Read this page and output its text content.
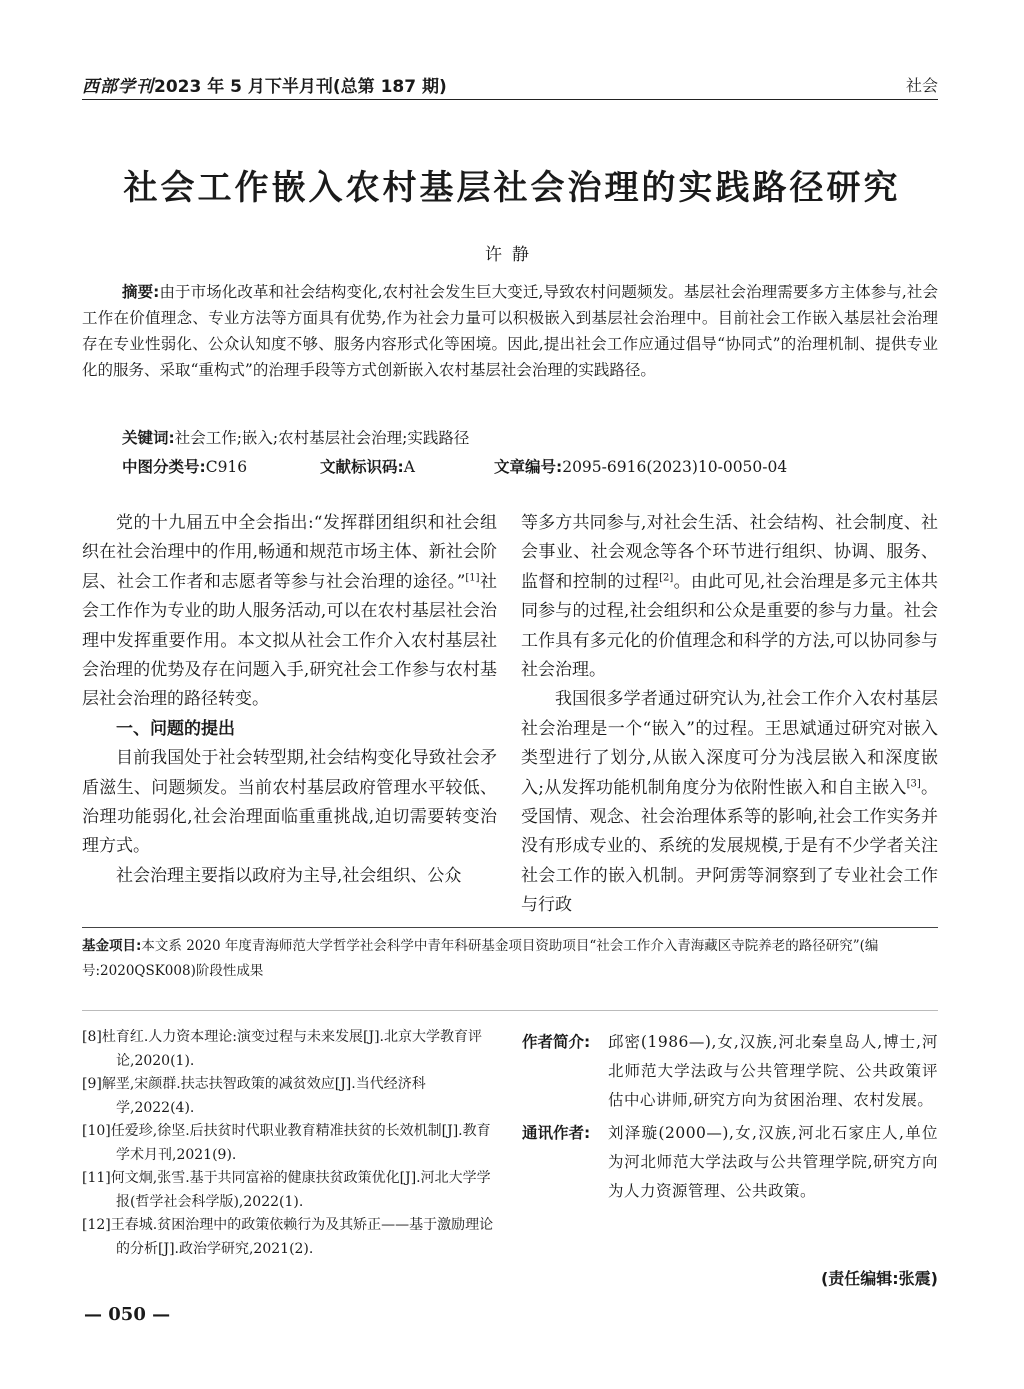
西部学刊2023 年 5 月下半月刊(总第 187 期)	社会
社会工作嵌入农村基层社会治理的实践路径研究
许静
摘要:由于市场化改革和社会结构变化,农村社会发生巨大变迁,导致农村问题频发。基层社会治理需要多方主体参与,社会工作在价值理念、专业方法等方面具有优势,作为社会力量可以积极嵌入到基层社会治理中。目前社会工作嵌入基层社会治理存在专业性弱化、公众认知度不够、服务内容形式化等困境。因此,提出社会工作应通过倡导“协同式”的治理机制、提供专业化的服务、采取“重构式”的治理手段等方式创新嵌入农村基层社会治理的实践路径。
关键词:社会工作;嵌入;农村基层社会治理;实践路径
中图分类号:C916	文献标识码:A	文章编号:2095-6916(2023)10-0050-04

党的十九届五中全会指出:“发挥群团组织和社会组织在社会治理中的作用,畅通和规范市场主体、新社会阶层、社会工作者和志愿者等参与社会治理的途径。”[1]社会工作作为专业的助人服务活动,可以在农村基层社会治理中发挥重要作用。本文拟从社会工作介入农村基层社会治理的优势及存在问题入手,研究社会工作参与农村基层社会治理的路径转变。

一、问题的提出

目前我国处于社会转型期,社会结构变化导致社会矛盾滋生、问题频发。当前农村基层政府管理水平较低、治理功能弱化,社会治理面临重重挑战,迫切需要转变治理方式。

社会治理主要指以政府为主导,社会组织、公众

等多方共同参与,对社会生活、社会结构、社会制度、社会事业、社会观念等各个环节进行组织、协调、服务、监督和控制的过程[2]。由此可见,社会治理是多元主体共同参与的过程,社会组织和公众是重要的参与力量。社会工作具有多元化的价值理念和科学的方法,可以协同参与社会治理。

我国很多学者通过研究认为,社会工作介入农村基层社会治理是一个“嵌入”的过程。王思斌通过研究对嵌入类型进行了划分,从嵌入深度可分为浅层嵌入和深度嵌入;从发挥功能机制角度分为依附性嵌入和自主嵌入[3]。受国情、观念、社会治理体系等的影响,社会工作实务并没有形成专业的、系统的发展规模,于是有不少学者关注社会工作的嵌入机制。尹阿雳等洞察到了专业社会工作与行政

基金项目:本文系 2020 年度青海师范大学哲学社会科学中青年科研基金项目资助项目“社会工作介入青海藏区寺院养老的路径研究”(编号:2020QSK008)阶段性成果

[8]杜育红.人力资本理论:演变过程与未来发展[J].北京大学教育评论,2020(1).

[9]解垩,宋颜群.扶志扶智政策的减贫效应[J].当代经济科学,2022(4).

[10]任爱珍,徐坚.后扶贫时代职业教育精准扶贫的长效机制[J].教育学术月刊,2021(9).

[11]何文炯,张雪.基于共同富裕的健康扶贫政策优化[J].河北大学学报(哲学社会科学版),2022(1).

[12]王春城.贫困治理中的政策依赖行为及其矫正——基于激励理论的分析[J].政治学研究,2021(2).

作者简介: 邱密(1986—),女,汉族,河北秦皇岛人,博士,河北师范大学法政与公共管理学院、公共政策评估中心讲师,研究方向为贫困治理、农村发展。

通讯作者: 刘泽璇(2000—),女,汉族,河北石家庄人,单位为河北师范大学法政与公共管理学院,研究方向为人力资源管理、公共政策。

(责任编辑:张震)
— 050 —
